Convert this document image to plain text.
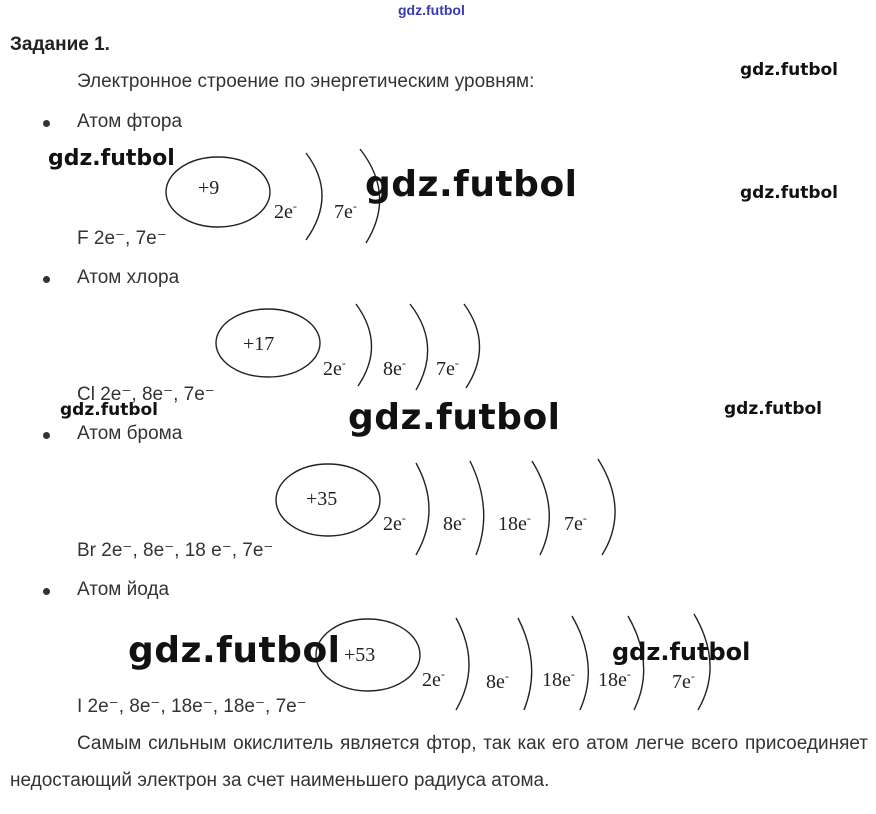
gdz.futbol
Задание 1.
Электронное строение по энергетическим уровням:
gdz.futbol
Атом фтора
gdz.futbol
+9
2e- 7e-
gdz.futbol	gdz.futbol
F 2e⁻, 7e⁻
Атом хлора
+17
2e- 8e- 7e-
Cl 2e⁻, 8e⁻, 7e⁻
gdz.futbol	gdz.futbol	gdz.futbol
Атом брома
+35
2e- 8e- 18e- 7e-
Br 2e⁻, 8e⁻, 18 e⁻, 7e⁻
Атом йода
+53
2e- 8e- 18e- 18e- 7e-
gdz.futbol	gdz.futbol
I 2e⁻, 8e⁻, 18e⁻, 18e⁻, 7e⁻
Самым сильным окислитель является фтор, так как его атом легче всего присоединяет недостающий электрон за счет наименьшего радиуса атома.
